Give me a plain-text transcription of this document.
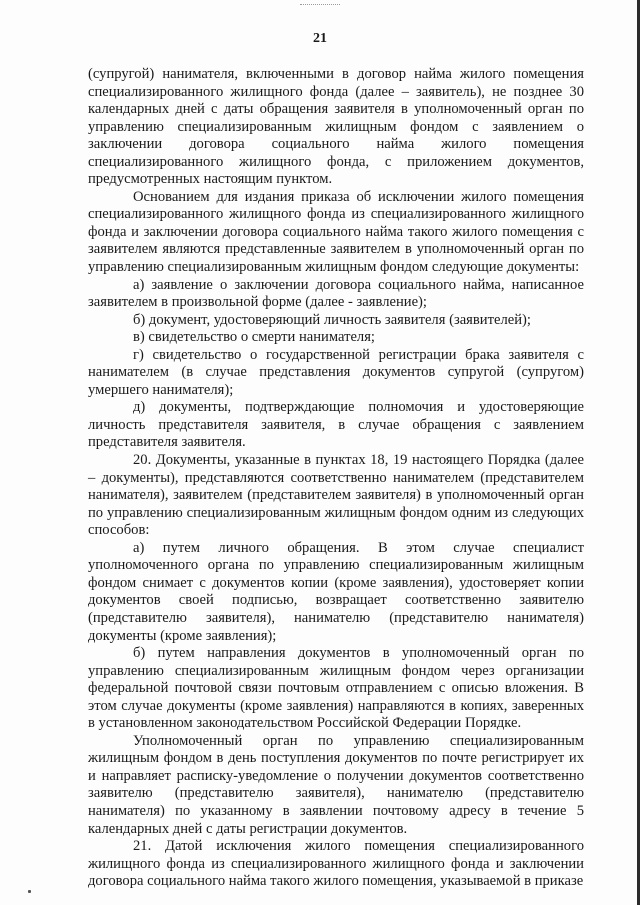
21

(супругой) нанимателя, включенными в договор найма жилого помещения специализированного жилищного фонда (далее – заявитель), не позднее 30 календарных дней с даты обращения заявителя в уполномоченный орган по управлению специализированным жилищным фондом с заявлением о заключении договора социального найма жилого помещения специализированного жилищного фонда, с приложением документов, предусмотренных настоящим пунктом.

Основанием для издания приказа об исключении жилого помещения специализированного жилищного фонда из специализированного жилищного фонда и заключении договора социального найма такого жилого помещения с заявителем являются представленные заявителем в уполномоченный орган по управлению специализированным жилищным фондом следующие документы:

а) заявление о заключении договора социального найма, написанное заявителем в произвольной форме (далее - заявление);

б) документ, удостоверяющий личность заявителя (заявителей);

в) свидетельство о смерти нанимателя;

г) свидетельство о государственной регистрации брака заявителя с нанимателем (в случае представления документов супругой (супругом) умершего нанимателя);

д) документы, подтверждающие полномочия и удостоверяющие личность представителя заявителя, в случае обращения с заявлением представителя заявителя.

20. Документы, указанные в пунктах 18, 19 настоящего Порядка (далее – документы), представляются соответственно нанимателем (представителем нанимателя), заявителем (представителем заявителя) в уполномоченный орган по управлению специализированным жилищным фондом одним из следующих способов:

а) путем личного обращения. В этом случае специалист уполномоченного органа по управлению специализированным жилищным фондом снимает с документов копии (кроме заявления), удостоверяет копии документов своей подписью, возвращает соответственно заявителю (представителю заявителя), нанимателю (представителю нанимателя) документы (кроме заявления);

б) путем направления документов в уполномоченный орган по управлению специализированным жилищным фондом через организации федеральной почтовой связи почтовым отправлением с описью вложения. В этом случае документы (кроме заявления) направляются в копиях, заверенных в установленном законодательством Российской Федерации Порядке.

Уполномоченный орган по управлению специализированным жилищным фондом в день поступления документов по почте регистрирует их и направляет расписку-уведомление о получении документов соответственно заявителю (представителю заявителя), нанимателю (представителю нанимателя) по указанному в заявлении почтовому адресу в течение 5 календарных дней с даты регистрации документов.

21. Датой исключения жилого помещения специализированного жилищного фонда из специализированного жилищного фонда и заключении договора социального найма такого жилого помещения, указываемой в приказе
